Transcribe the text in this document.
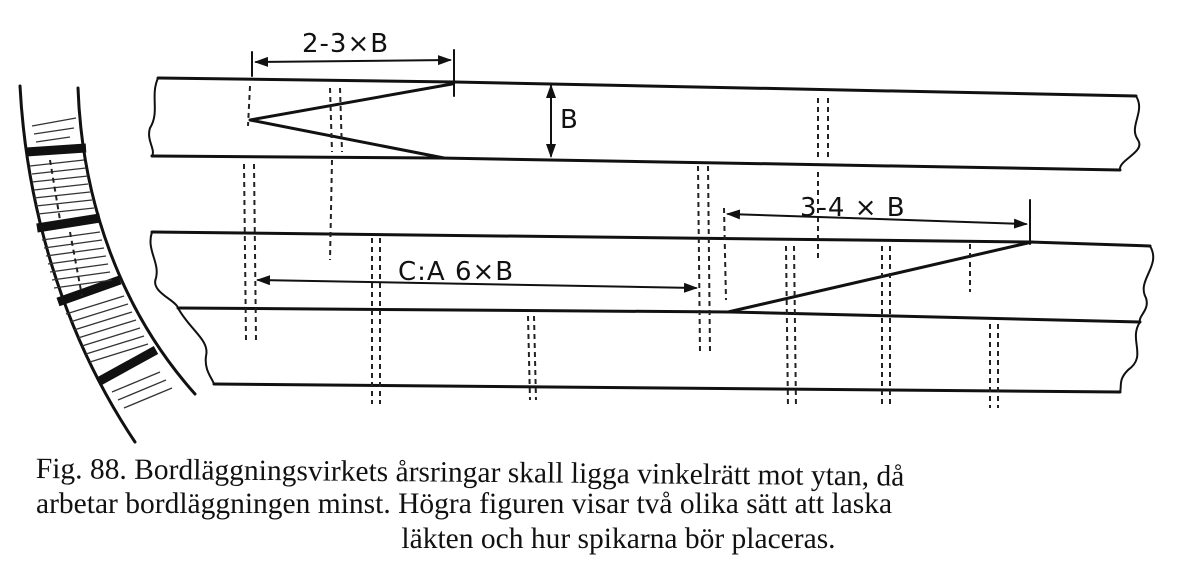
2-3×B
B
C:A 6×B
3-4 × B

Fig. 88. Bordläggningsvirkets årsringar skall ligga vinkelrätt mot ytan, då
arbetar bordläggningen minst. Högra figuren visar två olika sätt att laska
läkten och hur spikarna bör placeras.
